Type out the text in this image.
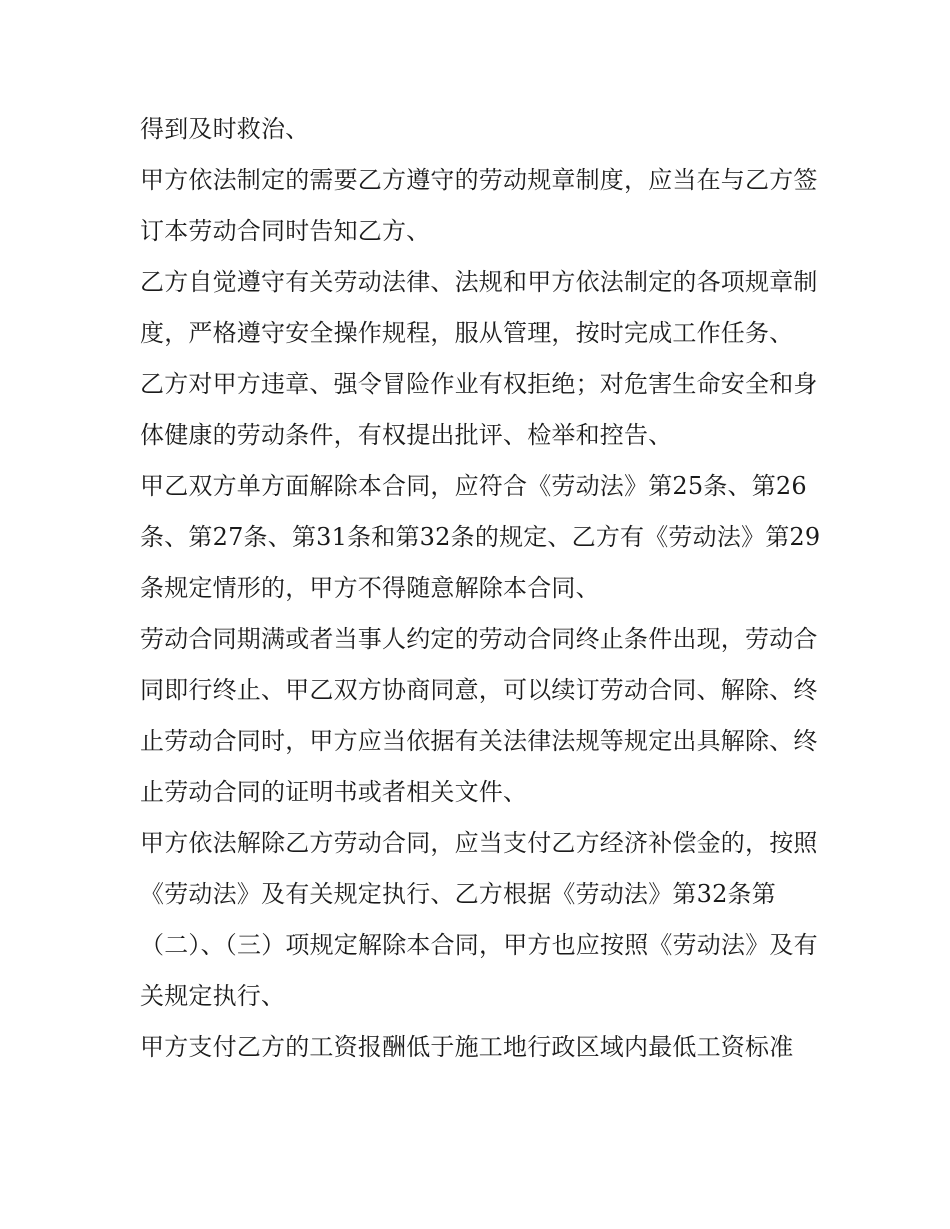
得到及时救治、

甲方依法制定的需要乙方遵守的劳动规章制度，应当在与乙方签订本劳动合同时告知乙方、

乙方自觉遵守有关劳动法律、法规和甲方依法制定的各项规章制度，严格遵守安全操作规程，服从管理，按时完成工作任务、

乙方对甲方违章、强令冒险作业有权拒绝；对危害生命安全和身体健康的劳动条件，有权提出批评、检举和控告、

甲乙双方单方面解除本合同，应符合《劳动法》第25条、第26条、第27条、第31条和第32条的规定、乙方有《劳动法》第29条规定情形的，甲方不得随意解除本合同、

劳动合同期满或者当事人约定的劳动合同终止条件出现，劳动合同即行终止、甲乙双方协商同意，可以续订劳动合同、解除、终止劳动合同时，甲方应当依据有关法律法规等规定出具解除、终止劳动合同的证明书或者相关文件、

甲方依法解除乙方劳动合同，应当支付乙方经济补偿金的，按照《劳动法》及有关规定执行、乙方根据《劳动法》第32条第（二）、（三）项规定解除本合同，甲方也应按照《劳动法》及有关规定执行、

甲方支付乙方的工资报酬低于施工地行政区域内最低工资标准
